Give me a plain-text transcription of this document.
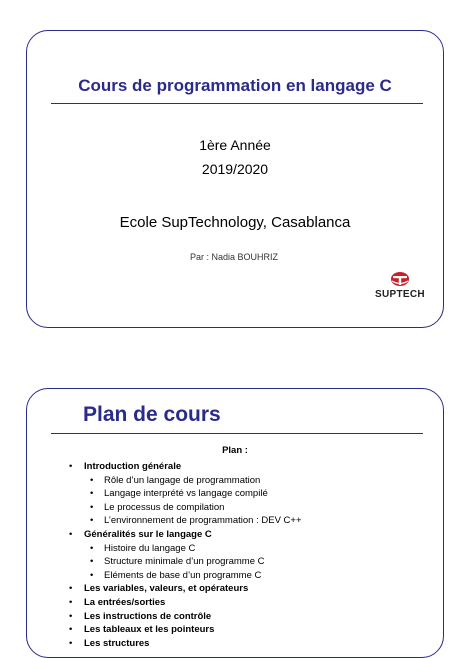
Cours de programmation en langage C
1ère Année
2019/2020
Ecole SupTechnology, Casablanca
Par : Nadia BOUHRIZ
SUPTECH
Plan de cours
Plan :
• Introduction générale
• Rôle d’un langage de programmation
• Langage interprété vs langage compilé
• Le processus de compilation
• L’environnement de programmation : DEV C++
• Généralités sur le langage C
• Histoire du langage C
• Structure minimale d’un programme C
• Eléments de base d’un programme C
• Les variables, valeurs, et opérateurs
• La entrées/sorties
• Les instructions de contrôle
• Les tableaux et les pointeurs
• Les structures
